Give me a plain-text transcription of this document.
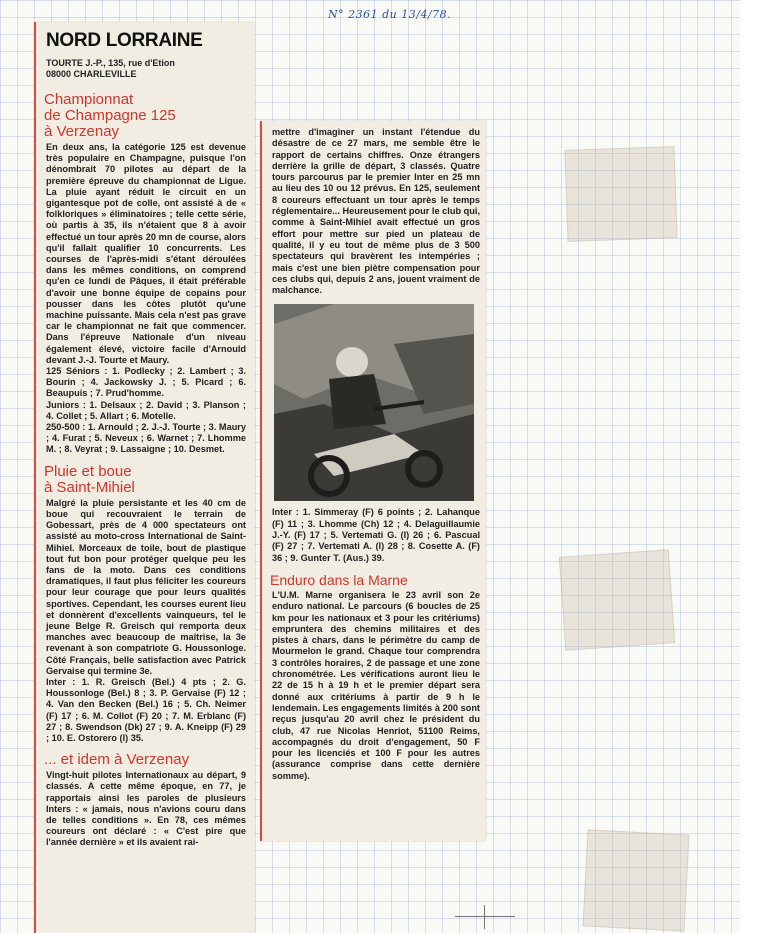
N° 2361 du 13/4/78.
NORD LORRAINE
TOURTE J.-P., 135, rue d'Etion
08000 CHARLEVILLE
Championnat
de Champagne 125
à Verzenay
En deux ans, la catégorie 125 est devenue très populaire en Champagne, puisque l'on dénombrait 70 pilotes au départ de la première épreuve du championnat de Ligue. La pluie ayant réduit le circuit en un gigantesque pot de colle, ont assisté à de « folkloriques » éliminatoires ; telle cette série, où partis à 35, ils n'étaient que 8 à avoir effectué un tour après 20 mn de course, alors qu'il fallait qualifier 10 concurrents. Les courses de l'après-midi s'étant déroulées dans les mêmes conditions, on comprend qu'en ce lundi de Pâques, il était préférable d'avoir une bonne équipe de copains pour pousser dans les côtes plutôt qu'une machine puissante. Mais cela n'est pas grave car le championnat ne fait que commencer. Dans l'épreuve Nationale d'un niveau également élevé, victoire facile d'Arnould devant J.-J. Tourte et Maury.
125 Séniors : 1. Podlecky ; 2. Lambert ; 3. Bourin ; 4. Jackowsky J. ; 5. Picard ; 6. Beaupuis ; 7. Prud'homme.
Juniors : 1. Delsaux ; 2. David ; 3. Planson ; 4. Collet ; 5. Allart ; 6. Motelle.
250-500 : 1. Arnould ; 2. J.-J. Tourte ; 3. Maury ; 4. Furat ; 5. Neveux ; 6. Warnet ; 7. Lhomme M. ; 8. Veyrat ; 9. Lassaigne ; 10. Desmet.
Pluie et boue
à Saint-Mihiel
Malgré la pluie persistante et les 40 cm de boue qui recouvraient le terrain de Gobessart, près de 4 000 spectateurs ont assisté au moto-cross International de Saint-Mihiel. Morceaux de toile, bout de plastique tout fut bon pour protéger quelque peu les fans de la moto. Dans ces conditions dramatiques, il faut plus féliciter les coureurs pour leur courage que pour leurs qualités sportives. Cependant, les courses eurent lieu et donnèrent d'excellents vainqueurs, tel le jeune Belge R. Greisch qui remporta deux manches avec beaucoup de maîtrise, la 3e revenant à son compatriote G. Houssonloge. Côté Français, belle satisfaction avec Patrick Gervaise qui termine 3e.
Inter : 1. R. Greisch (Bel.) 4 pts ; 2. G. Houssonloge (Bel.) 8 ; 3. P. Gervaise (F) 12 ; 4. Van den Becken (Bel.) 16 ; 5. Ch. Neimer (F) 17 ; 6. M. Collot (F) 20 ; 7. M. Erblanc (F) 27 ; 8. Swendson (Dk) 27 ; 9. A. Kneipp (F) 29 ; 10. E. Ostorero (I) 35.
... et idem à Verzenay
Vingt-huit pilotes Internationaux au départ, 9 classés. A cette même époque, en 77, je rapportais ainsi les paroles de plusieurs Inters : « jamais, nous n'avions couru dans de telles conditions ». En 78, ces mêmes coureurs ont déclaré : « C'est pire que l'année dernière » et ils avaient rai-
mettre d'imaginer un instant l'étendue du désastre de ce 27 mars, me semble être le rapport de certains chiffres. Onze étrangers derrière la grille de départ, 3 classés. Quatre tours parcourus par le premier Inter en 25 mn au lieu des 10 ou 12 prévus. En 125, seulement 8 coureurs effectuant un tour après le temps réglementaire... Heureusement pour le club qui, comme à Saint-Mihiel avait effectué un gros effort pour mettre sur pied un plateau de qualité, il y eu tout de même plus de 3 500 spectateurs qui bravèrent les intempéries ; mais c'est une bien piètre compensation pour ces clubs qui, depuis 2 ans, jouent vraiment de malchance.
Inter : 1. Simmeray (F) 6 points ; 2. Lahanque (F) 11 ; 3. Lhomme (Ch) 12 ; 4. Delaguillaumie J.-Y. (F) 17 ; 5. Vertemati G. (I) 26 ; 6. Pascual (F) 27 ; 7. Vertemati A. (I) 28 ; 8. Cosette A. (F) 36 ; 9. Gunter T. (Aus.) 39.
Enduro dans la Marne
L'U.M. Marne organisera le 23 avril son 2e enduro national. Le parcours (6 boucles de 25 km pour les nationaux et 3 pour les critériums) empruntera des chemins militaires et des pistes à chars, dans le périmètre du camp de Mourmelon le grand. Chaque tour comprendra 3 contrôles horaires, 2 de passage et une zone chronométrée. Les vérifications auront lieu le 22 de 15 h à 19 h et le premier départ sera donné aux critériums à partir de 9 h le lendemain. Les engagements limités à 200 sont reçus jusqu'au 20 avril chez le président du club, 47 rue Nicolas Henriot, 51100 Reims, accompagnés du droit d'engagement, 50 F pour les licenciés et 100 F pour les autres (assurance comprise dans cette dernière somme).
